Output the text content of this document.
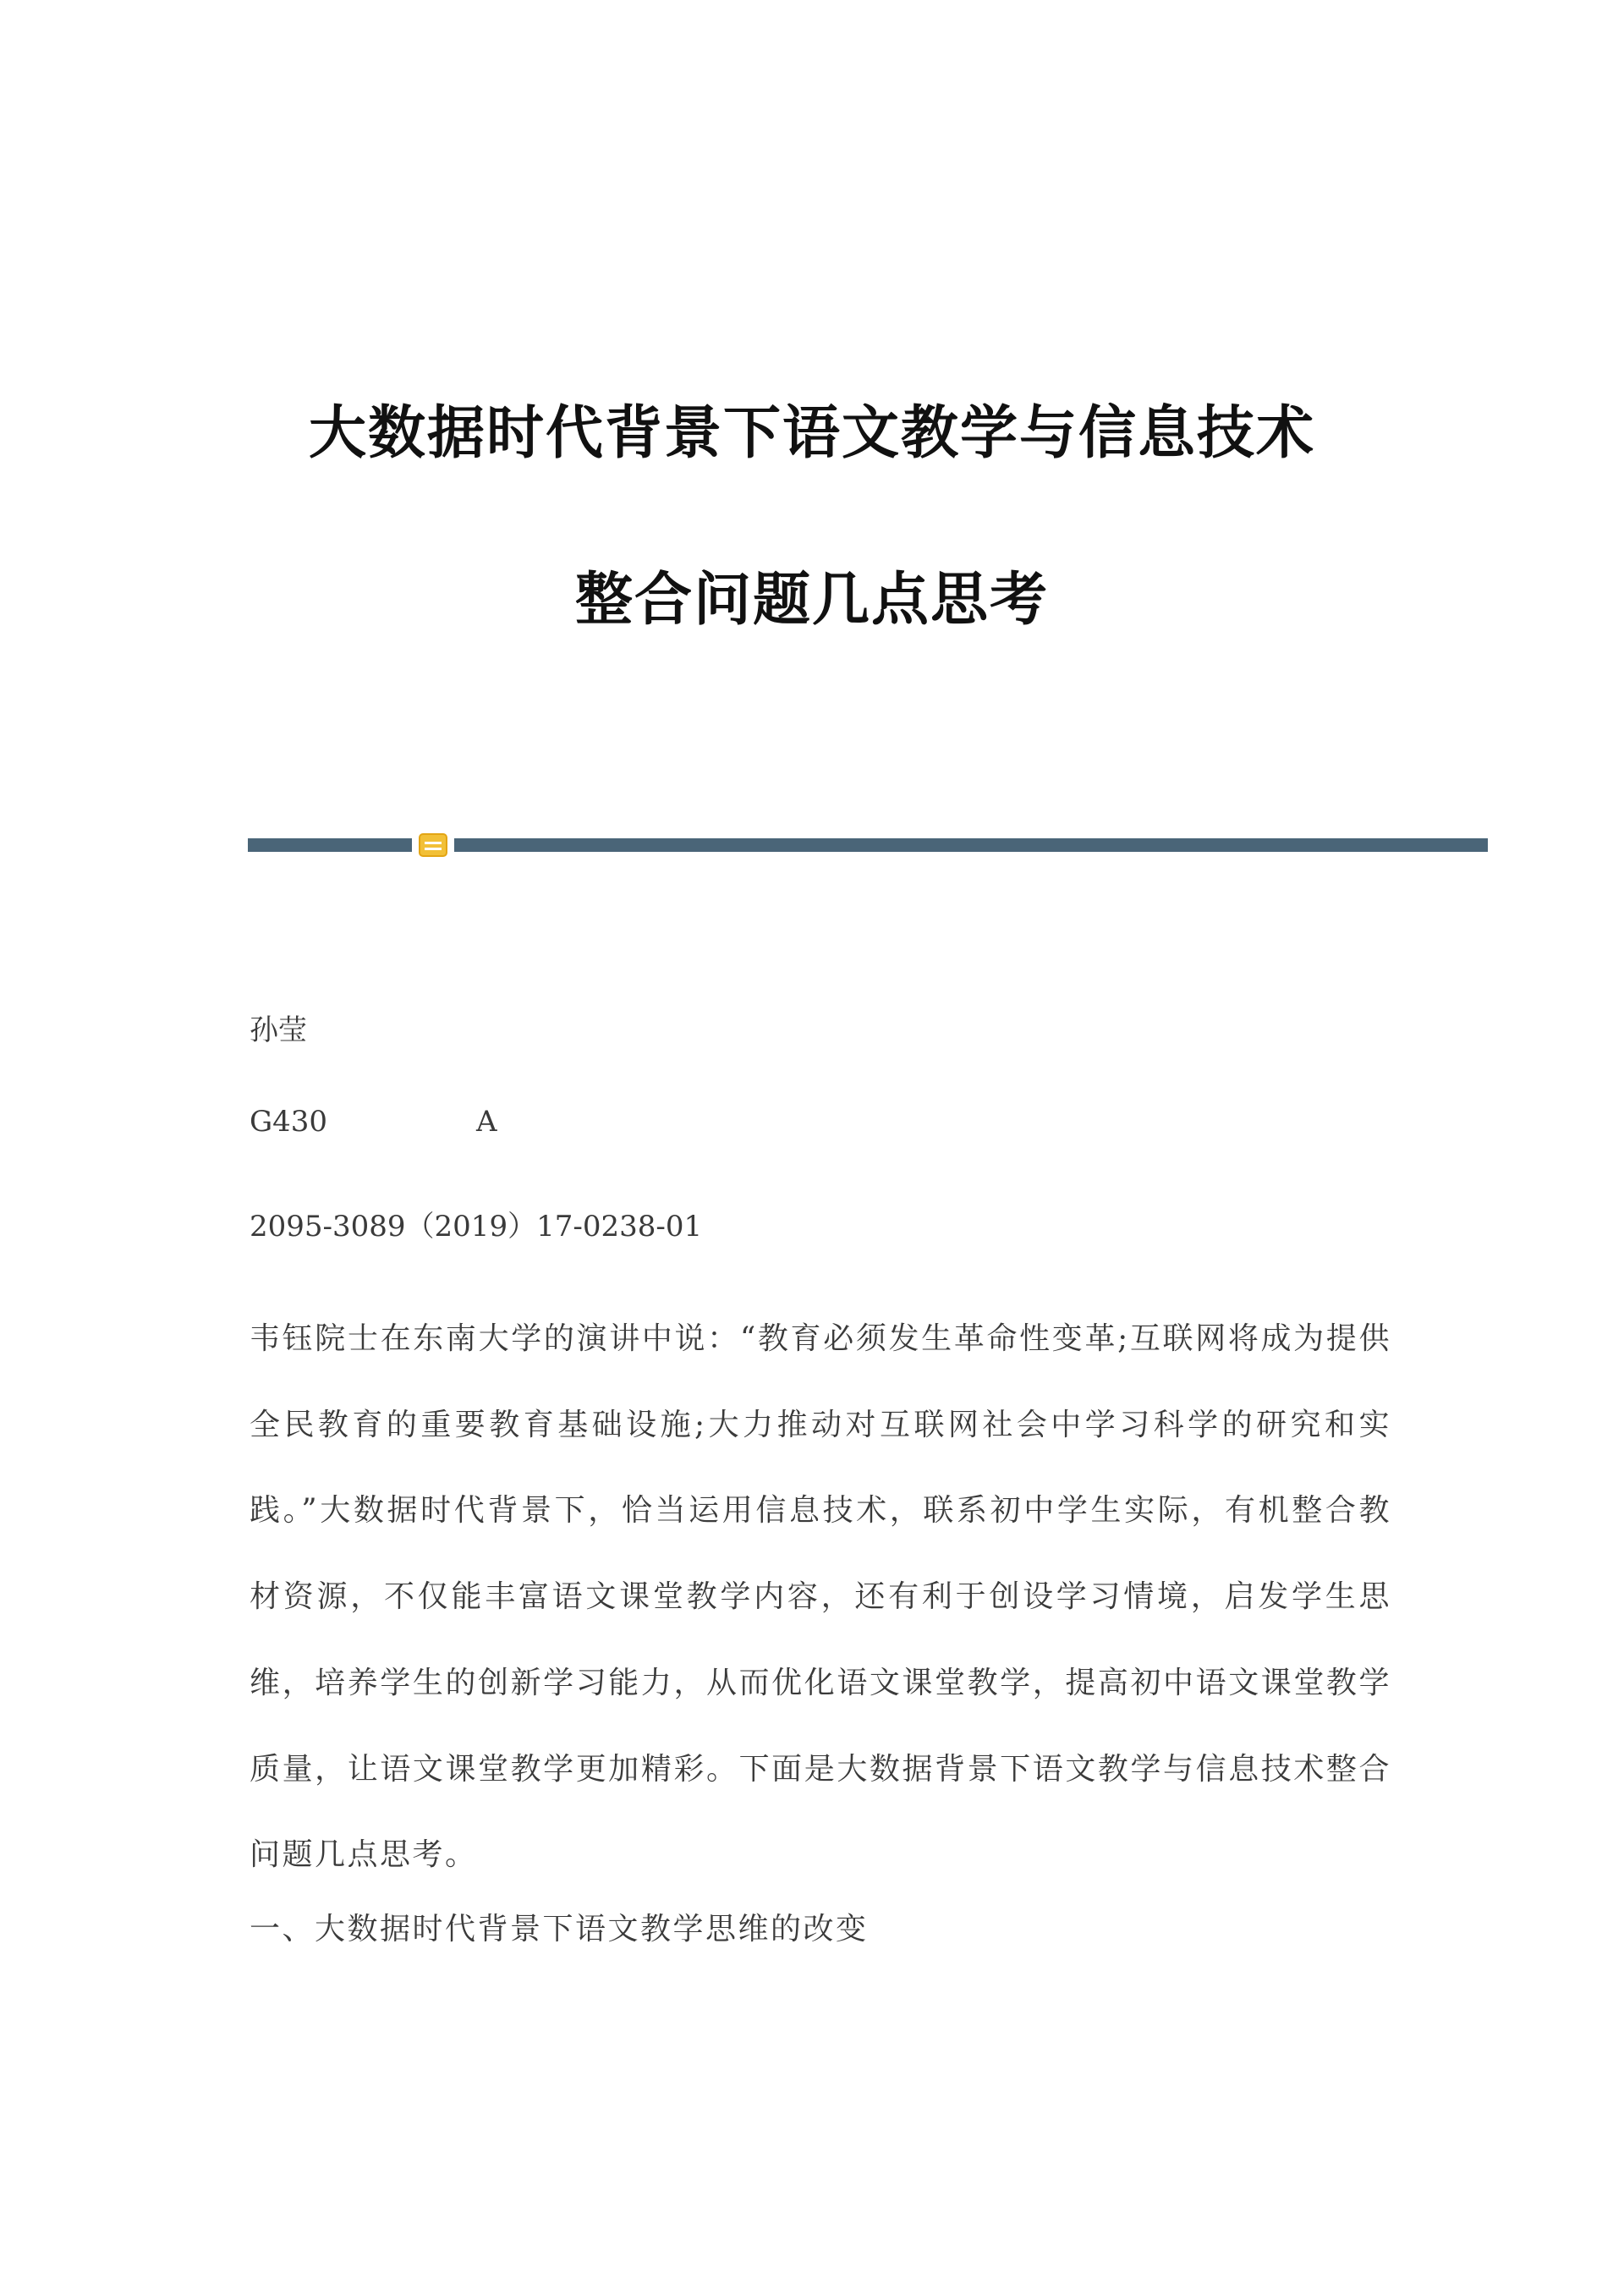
大数据时代背景下语文教学与信息技术
整合问题几点思考

孙莹

G430	A

2095-3089（2019）17-0238-01

韦钰院士在东南大学的演讲中说：“教育必须发生革命性变革;互联网将成为提供全民教育的重要教育基础设施;大力推动对互联网社会中学习科学的研究和实践。”大数据时代背景下，恰当运用信息技术，联系初中学生实际，有机整合教材资源，不仅能丰富语文课堂教学内容，还有利于创设学习情境，启发学生思维，培养学生的创新学习能力，从而优化语文课堂教学，提高初中语文课堂教学质量，让语文课堂教学更加精彩。下面是大数据背景下语文教学与信息技术整合问题几点思考。

一、大数据时代背景下语文教学思维的改变
